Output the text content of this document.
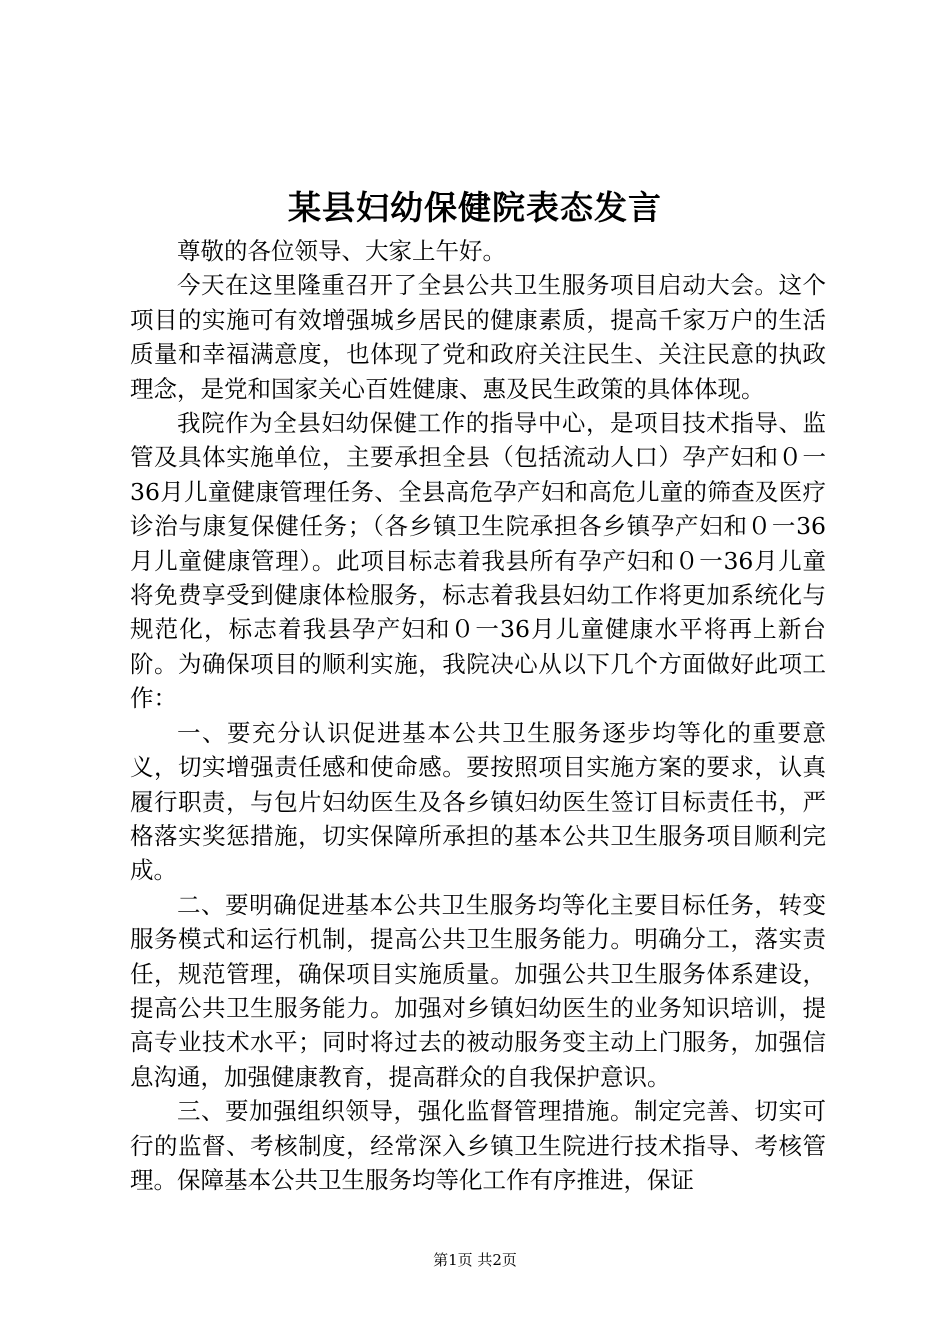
某县妇幼保健院表态发言

尊敬的各位领导、大家上午好。

今天在这里隆重召开了全县公共卫生服务项目启动大会。这个项目的实施可有效增强城乡居民的健康素质，提高千家万户的生活质量和幸福满意度，也体现了党和政府关注民生、关注民意的执政理念，是党和国家关心百姓健康、惠及民生政策的具体体现。

我院作为全县妇幼保健工作的指导中心，是项目技术指导、监管及具体实施单位，主要承担全县（包括流动人口）孕产妇和０一36月儿童健康管理任务、全县高危孕产妇和高危儿童的筛查及医疗诊治与康复保健任务；（各乡镇卫生院承担各乡镇孕产妇和０一36月儿童健康管理）。此项目标志着我县所有孕产妇和０一36月儿童将免费享受到健康体检服务，标志着我县妇幼工作将更加系统化与规范化，标志着我县孕产妇和０一36月儿童健康水平将再上新台阶。为确保项目的顺利实施，我院决心从以下几个方面做好此项工作：

一、要充分认识促进基本公共卫生服务逐步均等化的重要意义，切实增强责任感和使命感。要按照项目实施方案的要求，认真履行职责，与包片妇幼医生及各乡镇妇幼医生签订目标责任书，严格落实奖惩措施，切实保障所承担的基本公共卫生服务项目顺利完成。

二、要明确促进基本公共卫生服务均等化主要目标任务，转变服务模式和运行机制，提高公共卫生服务能力。明确分工，落实责任，规范管理，确保项目实施质量。加强公共卫生服务体系建设，提高公共卫生服务能力。加强对乡镇妇幼医生的业务知识培训，提高专业技术水平；同时将过去的被动服务变主动上门服务，加强信息沟通，加强健康教育，提高群众的自我保护意识。

三、要加强组织领导，强化监督管理措施。制定完善、切实可行的监督、考核制度，经常深入乡镇卫生院进行技术指导、考核管理。保障基本公共卫生服务均等化工作有序推进，保证

第1页 共2页
